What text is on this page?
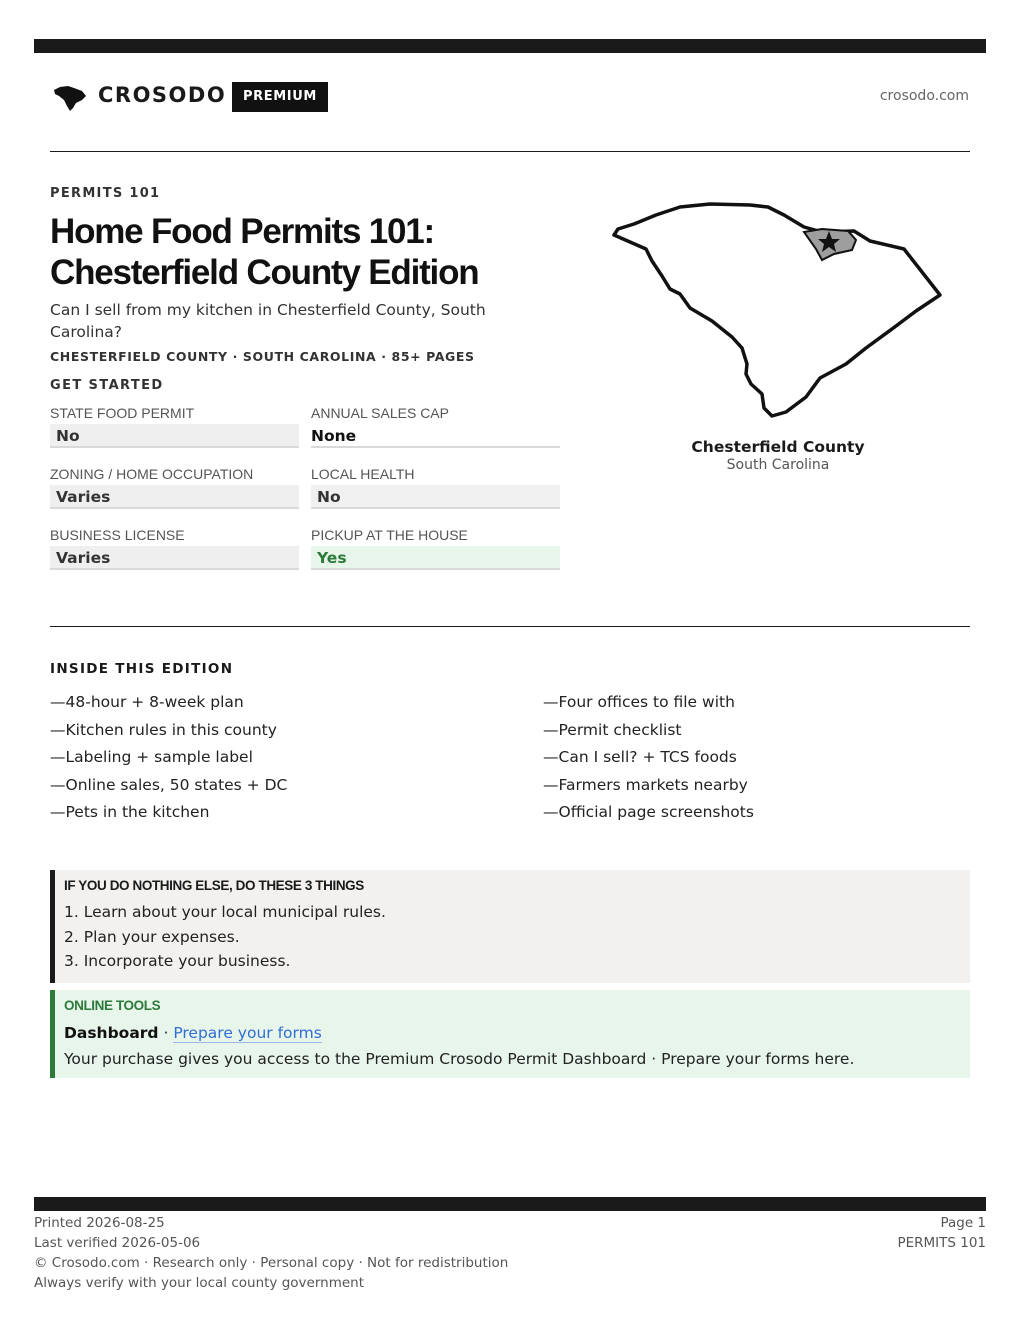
CROSODO	PREMIUM	crosodo.com
PERMITS 101
Home Food Permits 101: Chesterfield County Edition

Can I sell from my kitchen in Chesterfield County, South Carolina?

CHESTERFIELD COUNTY · SOUTH CAROLINA · 85+ PAGES
GET STARTED
STATE FOOD PERMIT
No
ANNUAL SALES CAP
None
ZONING / HOME OCCUPATION
Varies
LOCAL HEALTH
No
BUSINESS LICENSE
Varies
PICKUP AT THE HOUSE
Yes
Chesterfield County
South Carolina
INSIDE THIS EDITION
—48-hour + 8-week plan
—Kitchen rules in this county
—Labeling + sample label
—Online sales, 50 states + DC
—Pets in the kitchen
—Four offices to file with
—Permit checklist
—Can I sell? + TCS foods
—Farmers markets nearby
—Official page screenshots
IF YOU DO NOTHING ELSE, DO THESE 3 THINGS
1. Learn about your local municipal rules.
2. Plan your expenses.
3. Incorporate your business.
ONLINE TOOLS
Dashboard · Prepare your forms
Your purchase gives you access to the Premium Crosodo Permit Dashboard · Prepare your forms here.
Printed 2026-08-25
Last verified 2026-05-06
© Crosodo.com · Research only · Personal copy · Not for redistribution
Always verify with your local county government
Page 1
PERMITS 101
